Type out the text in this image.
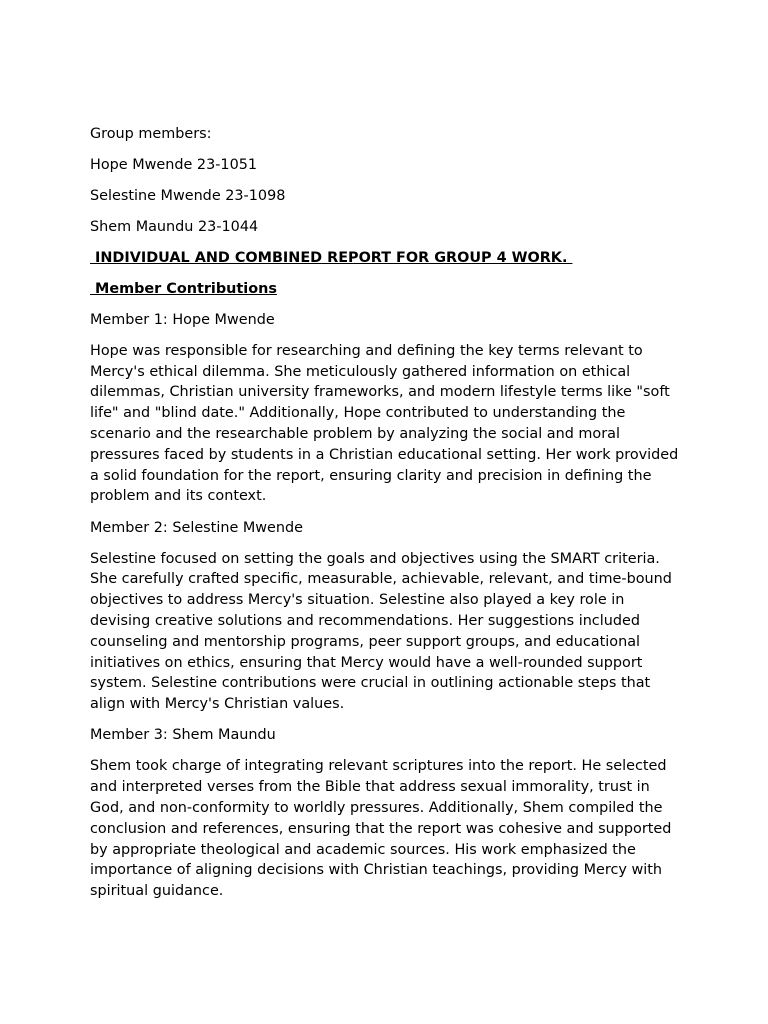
Group members:

Hope Mwende 23-1051

Selestine Mwende 23-1098

Shem Maundu 23-1044

INDIVIDUAL AND COMBINED REPORT FOR GROUP 4 WORK.

Member Contributions

Member 1: Hope Mwende

Hope was responsible for researching and defining the key terms relevant to Mercy's ethical dilemma. She meticulously gathered information on ethical dilemmas, Christian university frameworks, and modern lifestyle terms like "soft life" and "blind date." Additionally, Hope contributed to understanding the scenario and the researchable problem by analyzing the social and moral pressures faced by students in a Christian educational setting. Her work provided a solid foundation for the report, ensuring clarity and precision in defining the problem and its context.

Member 2: Selestine Mwende

Selestine focused on setting the goals and objectives using the SMART criteria. She carefully crafted specific, measurable, achievable, relevant, and time-bound objectives to address Mercy's situation. Selestine also played a key role in devising creative solutions and recommendations. Her suggestions included counseling and mentorship programs, peer support groups, and educational initiatives on ethics, ensuring that Mercy would have a well-rounded support system. Selestine contributions were crucial in outlining actionable steps that align with Mercy's Christian values.

Member 3: Shem Maundu

Shem took charge of integrating relevant scriptures into the report. He selected and interpreted verses from the Bible that address sexual immorality, trust in God, and non-conformity to worldly pressures. Additionally, Shem compiled the conclusion and references, ensuring that the report was cohesive and supported by appropriate theological and academic sources. His work emphasized the importance of aligning decisions with Christian teachings, providing Mercy with spiritual guidance.
